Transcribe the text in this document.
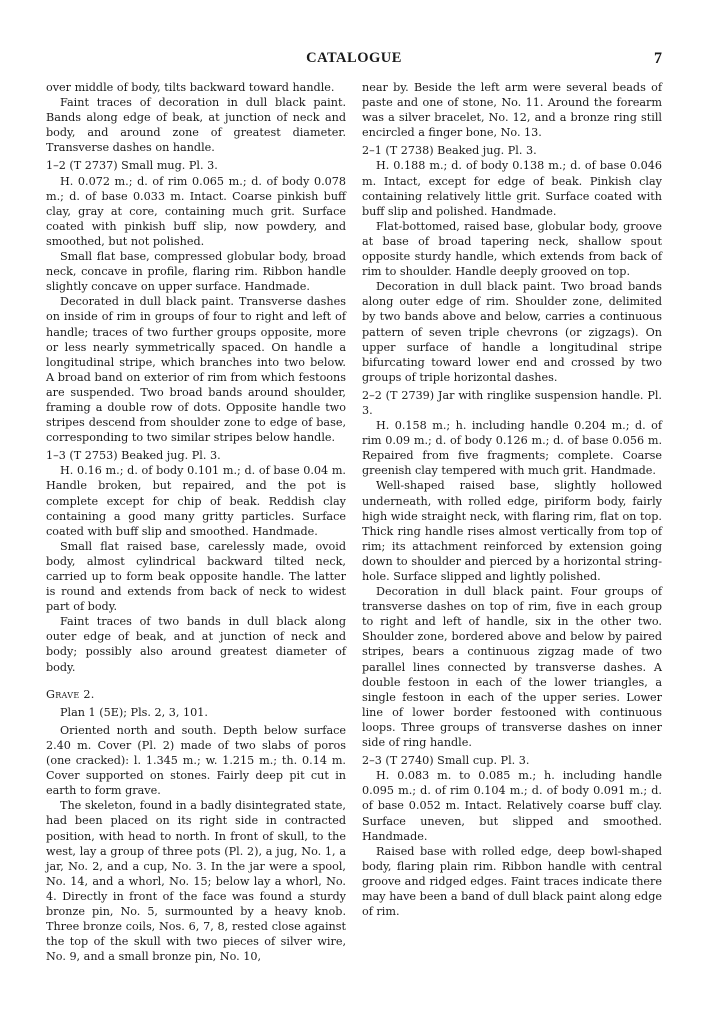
CATALOGUE	7

over middle of body, tilts backward toward handle.

Faint traces of decoration in dull black paint. Bands along edge of beak, at junction of neck and body, and around zone of greatest diameter. Transverse dashes on handle.

1–2 (T 2737) Small mug. Pl. 3.

H. 0.072 m.; d. of rim 0.065 m.; d. of body 0.078 m.; d. of base 0.033 m. Intact. Coarse pinkish buff clay, gray at core, containing much grit. Surface coated with pinkish buff slip, now powdery, and smoothed, but not polished.

Small flat base, compressed globular body, broad neck, concave in profile, flaring rim. Ribbon handle slightly concave on upper surface. Handmade.

Decorated in dull black paint. Transverse dashes on inside of rim in groups of four to right and left of handle; traces of two further groups opposite, more or less nearly symmetrically spaced. On handle a longitudinal stripe, which branches into two below. A broad band on exterior of rim from which festoons are suspended. Two broad bands around shoulder, framing a double row of dots. Opposite handle two stripes descend from shoulder zone to edge of base, corresponding to two similar stripes below handle.

1–3 (T 2753) Beaked jug. Pl. 3.

H. 0.16 m.; d. of body 0.101 m.; d. of base 0.04 m. Handle broken, but repaired, and the pot is complete except for chip of beak. Reddish clay containing a good many gritty particles. Surface coated with buff slip and smoothed. Handmade.

Small flat raised base, carelessly made, ovoid body, almost cylindrical backward tilted neck, carried up to form beak opposite handle. The latter is round and extends from back of neck to widest part of body.

Faint traces of two bands in dull black along outer edge of beak, and at junction of neck and body; possibly also around greatest diameter of body.

Grave 2.

Plan 1 (5E); Pls. 2, 3, 101.

Oriented north and south. Depth below surface 2.40 m. Cover (Pl. 2) made of two slabs of poros (one cracked): l. 1.345 m.; w. 1.215 m.; th. 0.14 m. Cover supported on stones. Fairly deep pit cut in earth to form grave.

The skeleton, found in a badly disintegrated state, had been placed on its right side in contracted position, with head to north. In front of skull, to the west, lay a group of three pots (Pl. 2), a jug, No. 1, a jar, No. 2, and a cup, No. 3. In the jar were a spool, No. 14, and a whorl, No. 15; below lay a whorl, No. 4. Directly in front of the face was found a sturdy bronze pin, No. 5, surmounted by a heavy knob. Three bronze coils, Nos. 6, 7, 8, rested close against the top of the skull with two pieces of silver wire, No. 9, and a small bronze pin, No. 10,

near by. Beside the left arm were several beads of paste and one of stone, No. 11. Around the forearm was a silver bracelet, No. 12, and a bronze ring still encircled a finger bone, No. 13.

2–1 (T 2738) Beaked jug. Pl. 3.

H. 0.188 m.; d. of body 0.138 m.; d. of base 0.046 m. Intact, except for edge of beak. Pinkish clay containing relatively little grit. Surface coated with buff slip and polished. Handmade.

Flat-bottomed, raised base, globular body, groove at base of broad tapering neck, shallow spout opposite sturdy handle, which extends from back of rim to shoulder. Handle deeply grooved on top.

Decoration in dull black paint. Two broad bands along outer edge of rim. Shoulder zone, delimited by two bands above and below, carries a continuous pattern of seven triple chevrons (or zigzags). On upper surface of handle a longitudinal stripe bifurcating toward lower end and crossed by two groups of triple horizontal dashes.

2–2 (T 2739) Jar with ringlike suspension handle. Pl. 3.

H. 0.158 m.; h. including handle 0.204 m.; d. of rim 0.09 m.; d. of body 0.126 m.; d. of base 0.056 m. Repaired from five fragments; complete. Coarse greenish clay tempered with much grit. Handmade.

Well-shaped raised base, slightly hollowed underneath, with rolled edge, piriform body, fairly high wide straight neck, with flaring rim, flat on top. Thick ring handle rises almost vertically from top of rim; its attachment reinforced by extension going down to shoulder and pierced by a horizontal string-hole. Surface slipped and lightly polished.

Decoration in dull black paint. Four groups of transverse dashes on top of rim, five in each group to right and left of handle, six in the other two. Shoulder zone, bordered above and below by paired stripes, bears a continuous zigzag made of two parallel lines connected by transverse dashes. A double festoon in each of the lower triangles, a single festoon in each of the upper series. Lower line of lower border festooned with continuous loops. Three groups of transverse dashes on inner side of ring handle.

2–3 (T 2740) Small cup. Pl. 3.

H. 0.083 m. to 0.085 m.; h. including handle 0.095 m.; d. of rim 0.104 m.; d. of body 0.091 m.; d. of base 0.052 m. Intact. Relatively coarse buff clay. Surface uneven, but slipped and smoothed. Handmade.

Raised base with rolled edge, deep bowl-shaped body, flaring plain rim. Ribbon handle with central groove and ridged edges. Faint traces indicate there may have been a band of dull black paint along edge of rim.
